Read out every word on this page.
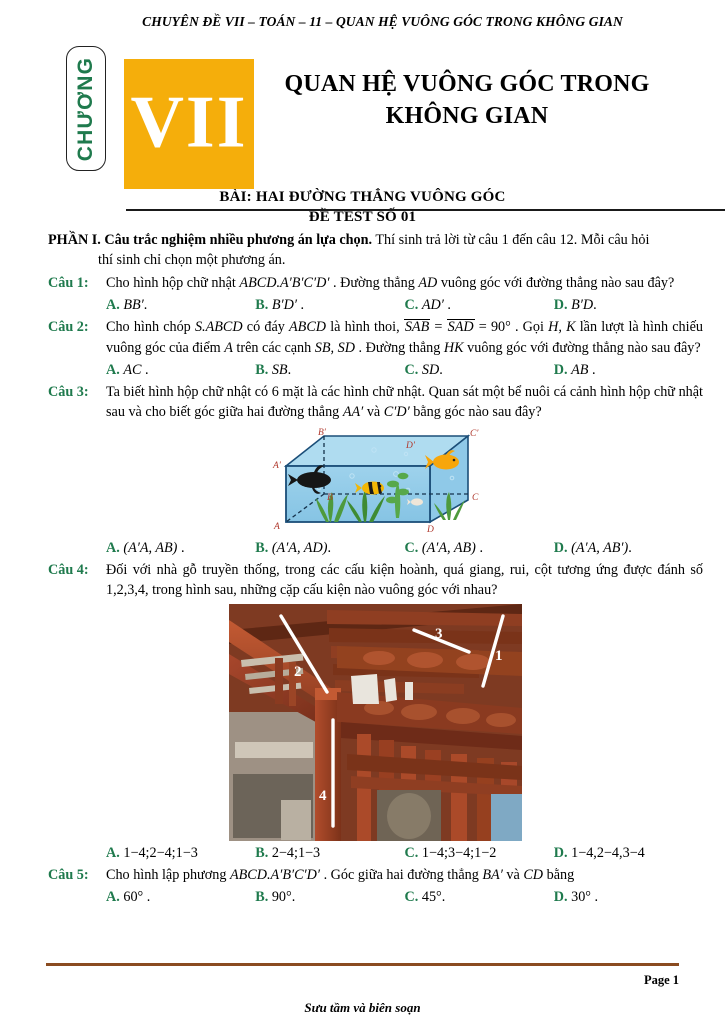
CHUYÊN ĐỀ VII – TOÁN – 11 – QUAN HỆ VUÔNG GÓC TRONG KHÔNG GIAN
CHƯƠNG VII	QUAN HỆ VUÔNG GÓC TRONG
KHÔNG GIAN
BÀI: HAI ĐƯỜNG THẲNG VUÔNG GÓC
ĐỀ TEST SỐ 01
PHẦN I. Câu trắc nghiệm nhiều phương án lựa chọn. Thí sinh trả lời từ câu 1 đến câu 12. Mỗi câu hỏi
thí sinh chỉ chọn một phương án.
Câu 1:	Cho hình hộp chữ nhật ABCD.A′B′C′D′ . Đường thẳng AD vuông góc với đường thẳng nào sau đây?

A. BB′.	B. B′D′ .	C. AD′ .	D. B′D.
Câu 2:	Cho hình chóp S.ABCD có đáy ABCD là hình thoi, SAB = SAD = 90° . Gọi H, K lần lượt là hình chiếu vuông góc của điểm A trên các cạnh SB, SD . Đường thẳng HK vuông góc với đường thẳng nào sau đây?

A. AC .	B. SB.	C. SD.	D. AB .
Câu 3:	Ta biết hình hộp chữ nhật có 6 mặt là các hình chữ nhật. Quan sát một bể nuôi cá cảnh hình hộp chữ nhật sau và cho biết góc giữa hai đường thẳng AA′ và C′D′ bằng góc nào sau đây?

A
A′
B
B′
C
C′
D
D′
A. (A′A, AB) .	B. (A′A, AD).	C. (A′A, AB) .	D. (A′A, AB′).
Câu 4:	Đối với nhà gỗ truyền thống, trong các cấu kiện hoành, quá giang, rui, cột tương ứng được đánh số 1,2,3,4, trong hình sau, những cặp cấu kiện nào vuông góc với nhau?

1
2
3
4
A. 1−4;2−4;1−3	B. 2−4;1−3	C. 1−4;3−4;1−2	D. 1−4,2−4,3−4
Câu 5:	Cho hình lập phương ABCD.A′B′C′D′ . Góc giữa hai đường thẳng BA′ và CD bằng

A. 60° .	B. 90°.	C. 45°.	D. 30° .
Page 1
Sưu tầm và biên soạn
